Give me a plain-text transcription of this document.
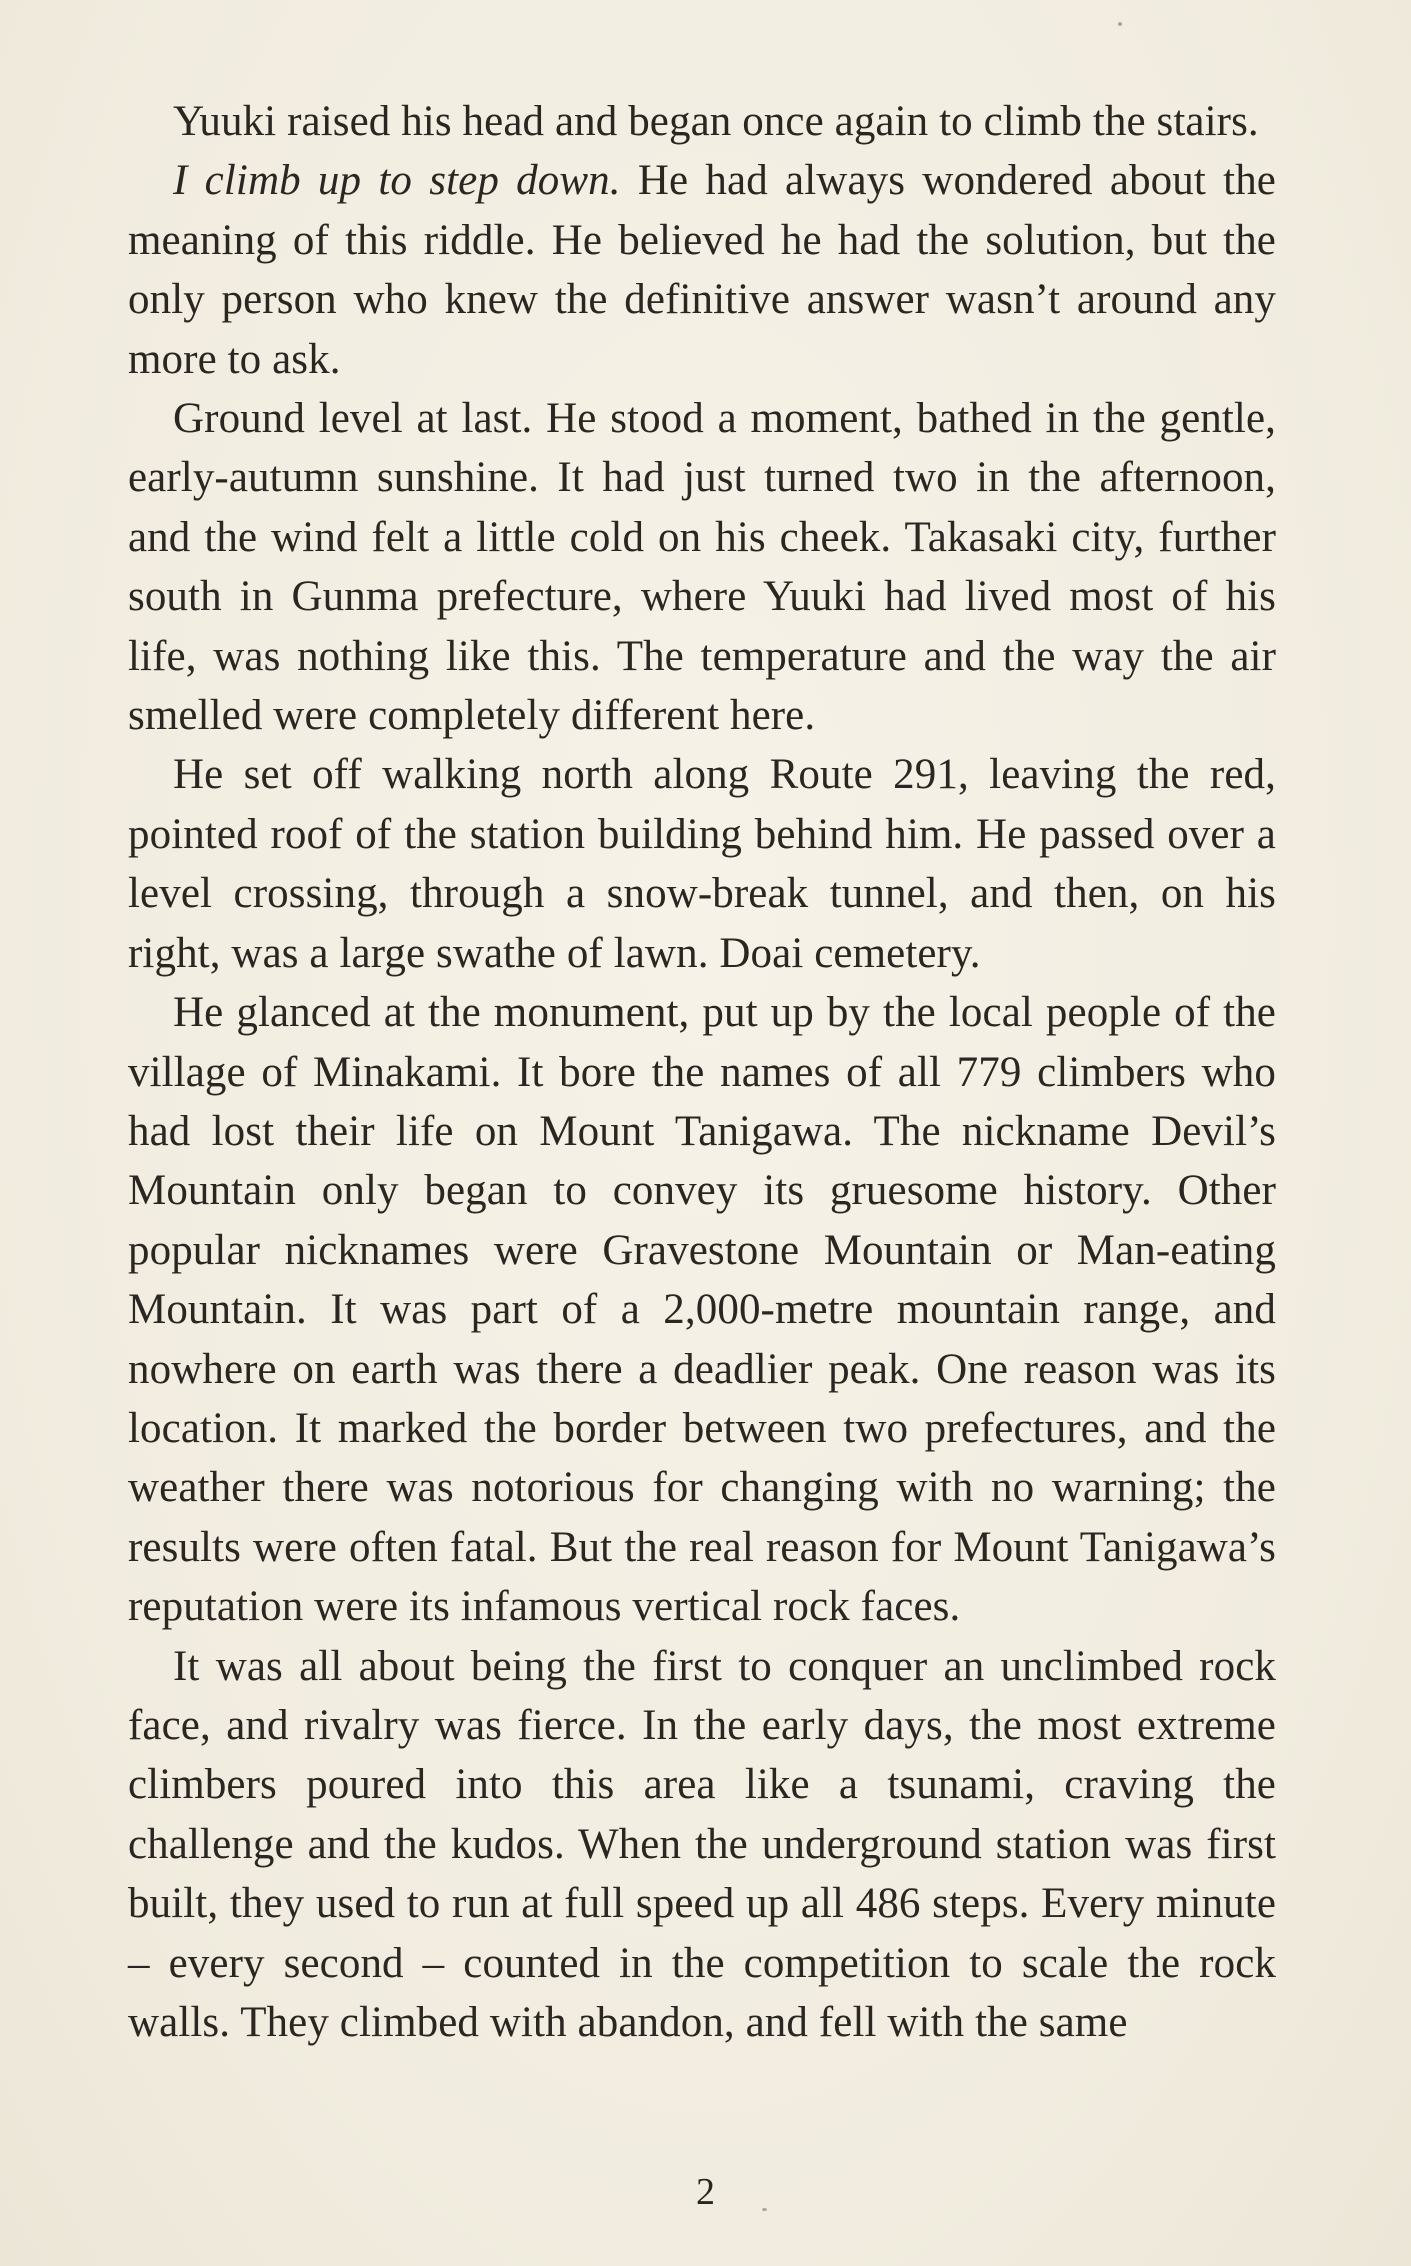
Yuuki raised his head and began once again to climb the stairs.

I climb up to step down. He had always wondered about the meaning of this riddle. He believed he had the solution, but the only person who knew the definitive answer wasn’t around any more to ask.

Ground level at last. He stood a moment, bathed in the gentle, early-autumn sunshine. It had just turned two in the afternoon, and the wind felt a little cold on his cheek. Takasaki city, further south in Gunma prefecture, where Yuuki had lived most of his life, was nothing like this. The temperature and the way the air smelled were completely different here.

He set off walking north along Route 291, leaving the red, pointed roof of the station building behind him. He passed over a level crossing, through a snow-break tunnel, and then, on his right, was a large swathe of lawn. Doai cemetery.

He glanced at the monument, put up by the local people of the village of Minakami. It bore the names of all 779 climbers who had lost their life on Mount Tanigawa. The nickname Devil’s Mountain only began to convey its gruesome history. Other popular nicknames were Gravestone Mountain or Man-eating Mountain. It was part of a 2,000-metre mountain range, and nowhere on earth was there a deadlier peak. One reason was its location. It marked the border between two prefectures, and the weather there was notorious for changing with no warning; the results were often fatal. But the real reason for Mount Tanigawa’s reputation were its infamous vertical rock faces.

It was all about being the first to conquer an unclimbed rock face, and rivalry was fierce. In the early days, the most extreme climbers poured into this area like a tsunami, craving the challenge and the kudos. When the underground station was first built, they used to run at full speed up all 486 steps. Every minute – every second – counted in the competition to scale the rock walls. They climbed with abandon, and fell with the same

2
